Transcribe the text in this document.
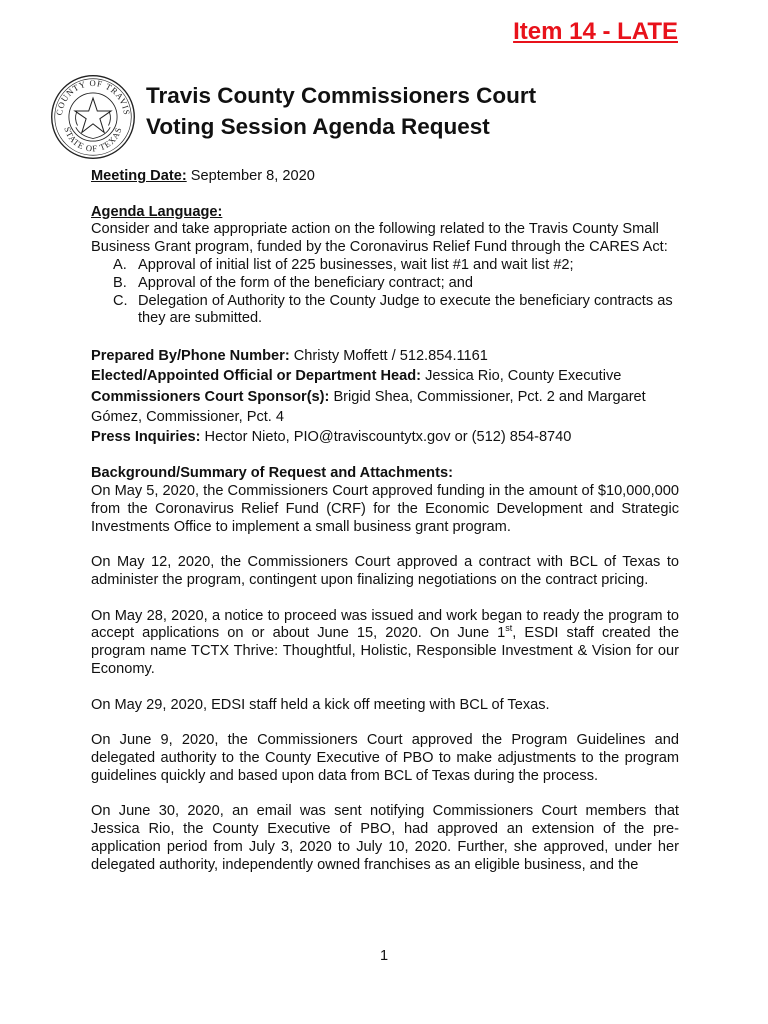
Item 14 - LATE
COUNTY OF TRAVIS
STATE OF TEXAS
Travis County Commissioners Court
Voting Session Agenda Request

Meeting Date: September 8, 2020

Agenda Language:

Consider and take appropriate action on the following related to the Travis County Small Business Grant program, funded by the Coronavirus Relief Fund through the CARES Act:

A. Approval of initial list of 225 businesses, wait list #1 and wait list #2;
B. Approval of the form of the beneficiary contract; and
C. Delegation of Authority to the County Judge to execute the beneficiary contracts as they are submitted.

Prepared By/Phone Number: Christy Moffett / 512.854.1161

Elected/Appointed Official or Department Head: Jessica Rio, County Executive

Commissioners Court Sponsor(s): Brigid Shea, Commissioner, Pct. 2 and Margaret Gómez, Commissioner, Pct. 4

Press Inquiries: Hector Nieto, PIO@traviscountytx.gov or (512) 854-8740

Background/Summary of Request and Attachments:

On May 5, 2020, the Commissioners Court approved funding in the amount of $10,000,000 from the Coronavirus Relief Fund (CRF) for the Economic Development and Strategic Investments Office to implement a small business grant program.

On May 12, 2020, the Commissioners Court approved a contract with BCL of Texas to administer the program, contingent upon finalizing negotiations on the contract pricing.

On May 28, 2020, a notice to proceed was issued and work began to ready the program to accept applications on or about June 15, 2020. On June 1st, ESDI staff created the program name TCTX Thrive: Thoughtful, Holistic, Responsible Investment & Vision for our Economy.

On May 29, 2020, EDSI staff held a kick off meeting with BCL of Texas.

On June 9, 2020, the Commissioners Court approved the Program Guidelines and delegated authority to the County Executive of PBO to make adjustments to the program guidelines quickly and based upon data from BCL of Texas during the process.

On June 30, 2020, an email was sent notifying Commissioners Court members that Jessica Rio, the County Executive of PBO, had approved an extension of the pre-application period from July 3, 2020 to July 10, 2020. Further, she approved, under her delegated authority, independently owned franchises as an eligible business, and the

1
